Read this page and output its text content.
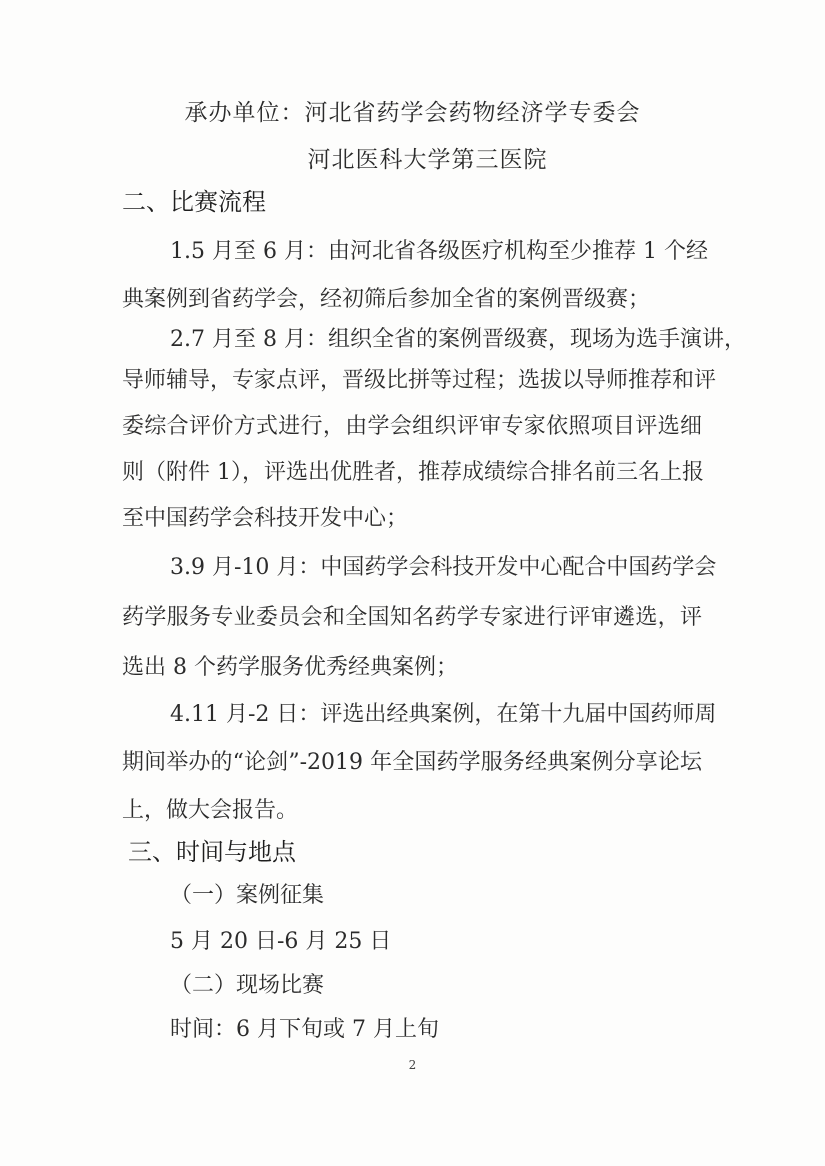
承办单位：河北省药学会药物经济学专委会
河北医科大学第三医院
二、比赛流程
1.5 月至 6 月：由河北省各级医疗机构至少推荐 1 个经
典案例到省药学会，经初筛后参加全省的案例晋级赛；
2.7 月至 8 月：组织全省的案例晋级赛，现场为选手演讲，
导师辅导，专家点评，晋级比拼等过程；选拔以导师推荐和评
委综合评价方式进行，由学会组织评审专家依照项目评选细
则（附件 1），评选出优胜者，推荐成绩综合排名前三名上报
至中国药学会科技开发中心；
3.9 月-10 月：中国药学会科技开发中心配合中国药学会
药学服务专业委员会和全国知名药学专家进行评审遴选，评
选出 8 个药学服务优秀经典案例；
4.11 月-2 日：评选出经典案例，在第十九届中国药师周
期间举办的“论剑”-2019 年全国药学服务经典案例分享论坛
上，做大会报告。
三、时间与地点
（一）案例征集
5 月 20 日-6 月 25 日
（二）现场比赛
时间：6 月下旬或 7 月上旬
2
